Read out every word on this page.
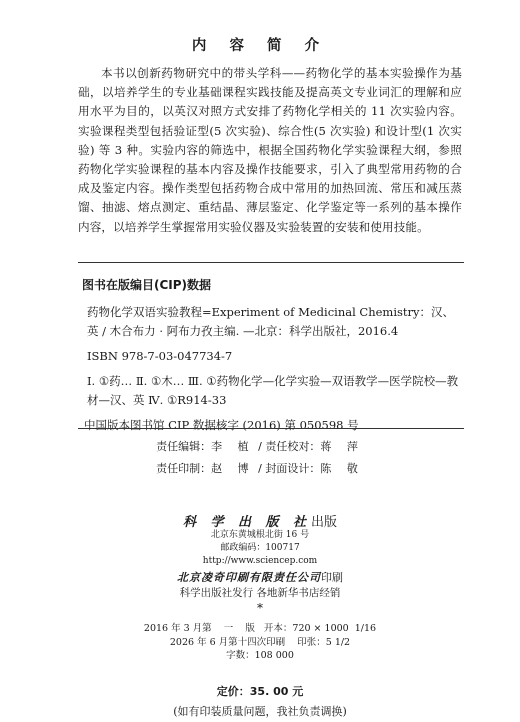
内 容 简 介

本书以创新药物研究中的带头学科——药物化学的基本实验操作为基础，以培养学生的专业基础课程实践技能及提高英文专业词汇的理解和应用水平为目的，以英汉对照方式安排了药物化学相关的 11 次实验内容。实验课程类型包括验证型(5 次实验)、综合性(5 次实验) 和设计型(1 次实验) 等 3 种。实验内容的筛选中，根据全国药物化学实验课程大纲，参照药物化学实验课程的基本内容及操作技能要求，引入了典型常用药物的合成及鉴定内容。操作类型包括药物合成中常用的加热回流、常压和减压蒸馏、抽滤、熔点测定、重结晶、薄层鉴定、化学鉴定等一系列的基本操作内容，以培养学生掌握常用实验仪器及实验装置的安装和使用技能。

图书在版编目(CIP)数据
药物化学双语实验教程=Experiment of Medicinal Chemistry：汉、英 / 木合布力 · 阿布力孜主编. —北京：科学出版社，2016.4
ISBN 978-7-03-047734-7
Ⅰ. ①药… Ⅱ. ①木… Ⅲ. ①药物化学—化学实验—双语教学—医学院校—教材—汉、英 Ⅳ. ①R914-33
中国版本图书馆 CIP 数据核字 (2016) 第 050598 号
责任编辑：李 植 / 责任校对：蒋 萍
责任印制：赵 博 / 封面设计：陈 敬
科 学 出 版 社出版
北京东黄城根北街 16 号
邮政编码：100717
http://www.sciencep.com
北京凌奇印刷有限责任公司印刷
科学出版社发行 各地新华书店经销
*
2016 年 3 月第    一    版   开本：720 × 1000  1/16
2026 年 6 月第十四次印刷    印张：5 1/2
字数：108 000
定价：35. 00 元
(如有印装质量问题，我社负责调换)
